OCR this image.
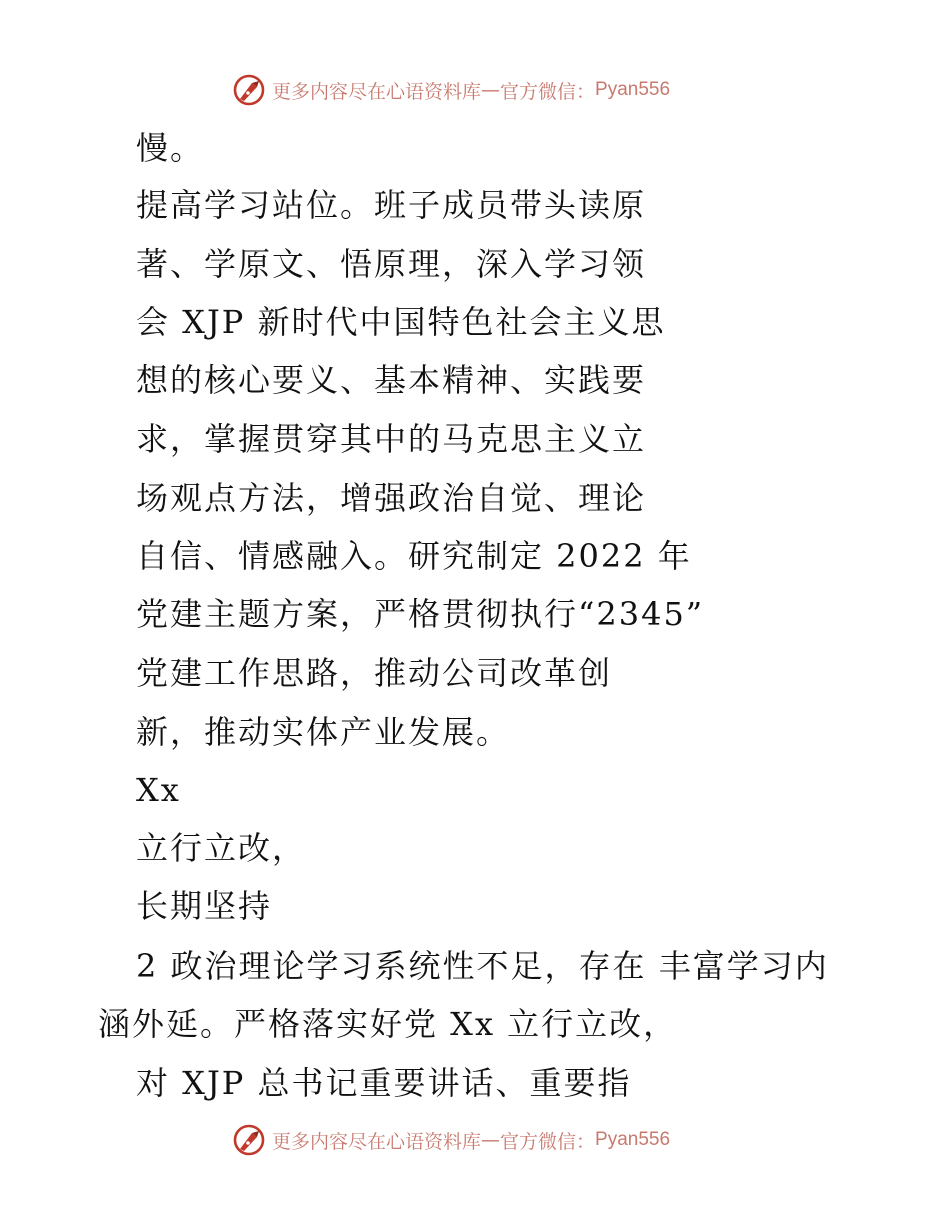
更多内容尽在心语资料库 — 官方微信： Pyan556
慢。
提高学习站位。班子成员带头读原
著、学原文、悟原理，深入学习领
会 XJP 新时代中国特色社会主义思
想的核心要义、基本精神、实践要
求，掌握贯穿其中的马克思主义立
场观点方法，增强政治自觉、理论
自信、情感融入。研究制定 2022 年
党建主题方案，严格贯彻执行“2345”
党建工作思路，推动公司改革创
新，推动实体产业发展。
Xx
立行立改，
长期坚持
2 政治理论学习系统性不足，存在 丰富学习内
涵外延。严格落实好党 Xx 立行立改，
对 XJP 总书记重要讲话、重要指
更多内容尽在心语资料库 — 官方微信： Pyan556
